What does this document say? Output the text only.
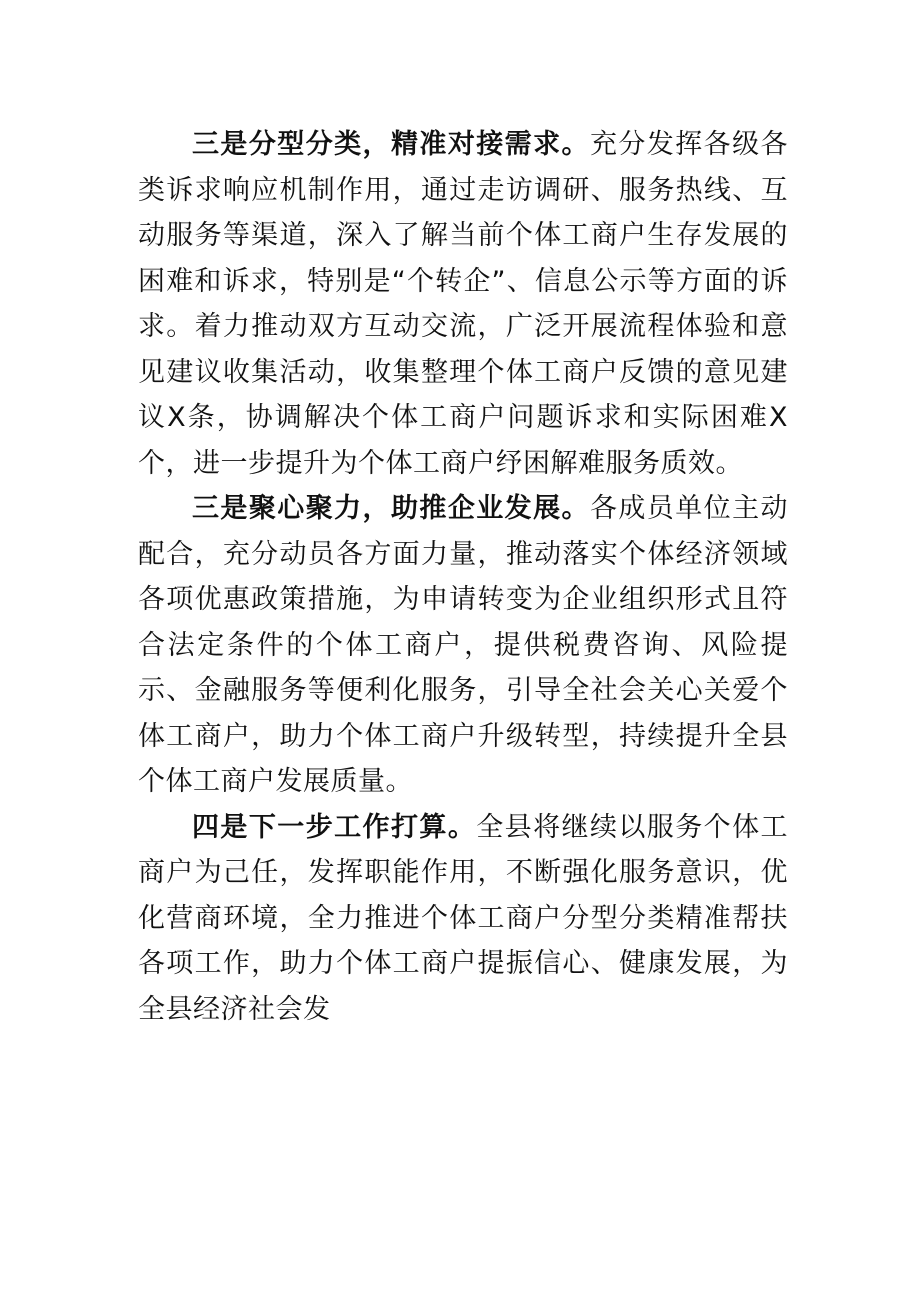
三是分型分类，精准对接需求。充分发挥各级各类诉求响应机制作用，通过走访调研、服务热线、互动服务等渠道，深入了解当前个体工商户生存发展的困难和诉求，特别是“个转企”、信息公示等方面的诉求。着力推动双方互动交流，广泛开展流程体验和意见建议收集活动，收集整理个体工商户反馈的意见建议X条，协调解决个体工商户问题诉求和实际困难X个，进一步提升为个体工商户纾困解难服务质效。

三是聚心聚力，助推企业发展。各成员单位主动配合，充分动员各方面力量，推动落实个体经济领域各项优惠政策措施，为申请转变为企业组织形式且符合法定条件的个体工商户，提供税费咨询、风险提示、金融服务等便利化服务，引导全社会关心关爱个体工商户，助力个体工商户升级转型，持续提升全县个体工商户发展质量。

四是下一步工作打算。全县将继续以服务个体工商户为己任，发挥职能作用，不断强化服务意识，优化营商环境，全力推进个体工商户分型分类精准帮扶各项工作，助力个体工商户提振信心、健康发展，为全县经济社会发
